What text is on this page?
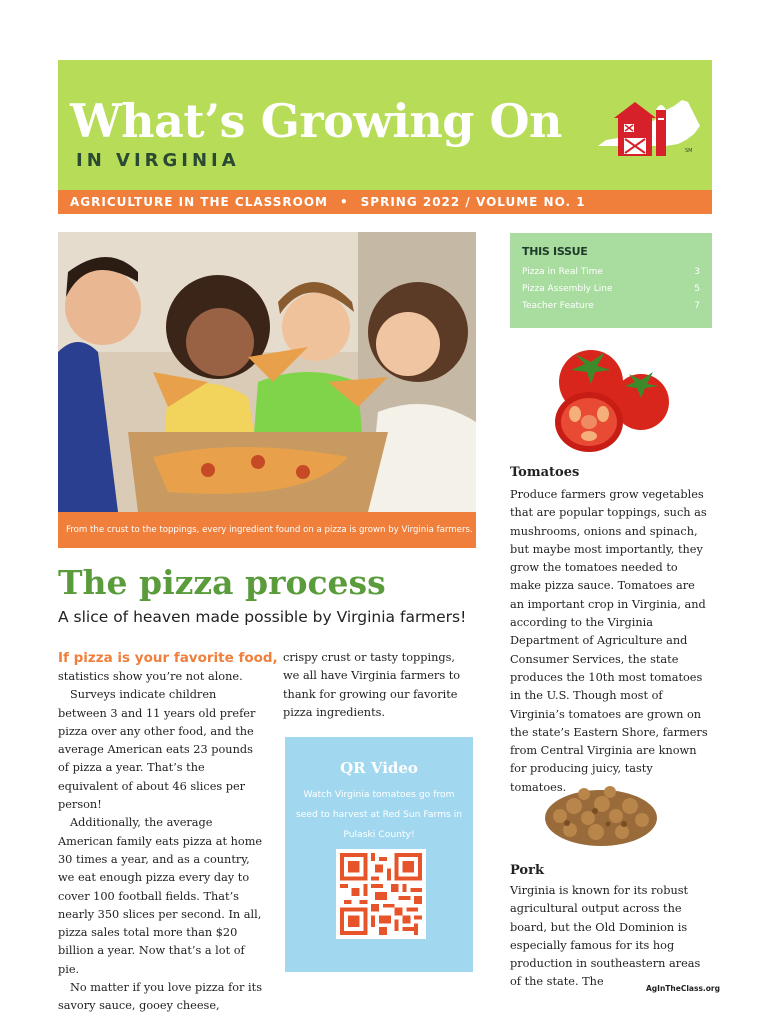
What’s Growing On
IN VIRGINIA	SM
AGRICULTURE IN THE CLASSROOM • SPRING 2022 / VOLUME NO. 1
From the crust to the toppings, every ingredient found on a pizza is grown by Virginia farmers.
THIS ISSUE
Pizza in Real Time	3
Pizza Assembly Line	5
Teacher Feature	7
The pizza process
A slice of heaven made possible by Virginia farmers!
If pizza is your favorite food,

statistics show you’re not alone.

Surveys indicate children between 3 and 11 years old prefer pizza over any other food, and the average American eats 23 pounds of pizza a year. That’s the equivalent of about 46 slices per person!

Additionally, the average American family eats pizza at home 30 times a year, and as a country, we eat enough pizza every day to cover 100 football fields. That’s nearly 350 slices per second. In all, pizza sales total more than $20 billion a year. Now that’s a lot of pie.

No matter if you love pizza for its savory sauce, gooey cheese,

crispy crust or tasty toppings, we all have Virginia farmers to thank for growing our favorite pizza ingredients.

QR Video
Watch Virginia tomatoes go from seed to harvest at Red Sun Farms in Pulaski County!
Tomatoes
Produce farmers grow vegetables that are popular toppings, such as mushrooms, onions and spinach, but maybe most importantly, they grow the tomatoes needed to make pizza sauce. Tomatoes are an important crop in Virginia, and according to the Virginia Department of Agriculture and Consumer Services, the state produces the 10th most tomatoes in the U.S. Though most of Virginia’s tomatoes are grown on the state’s Eastern Shore, farmers from Central Virginia are known for producing juicy, tasty tomatoes.
Pork
Virginia is known for its robust agricultural output across the board, but the Old Dominion is especially famous for its hog production in southeastern areas of the state. The
AgInTheClass.org
